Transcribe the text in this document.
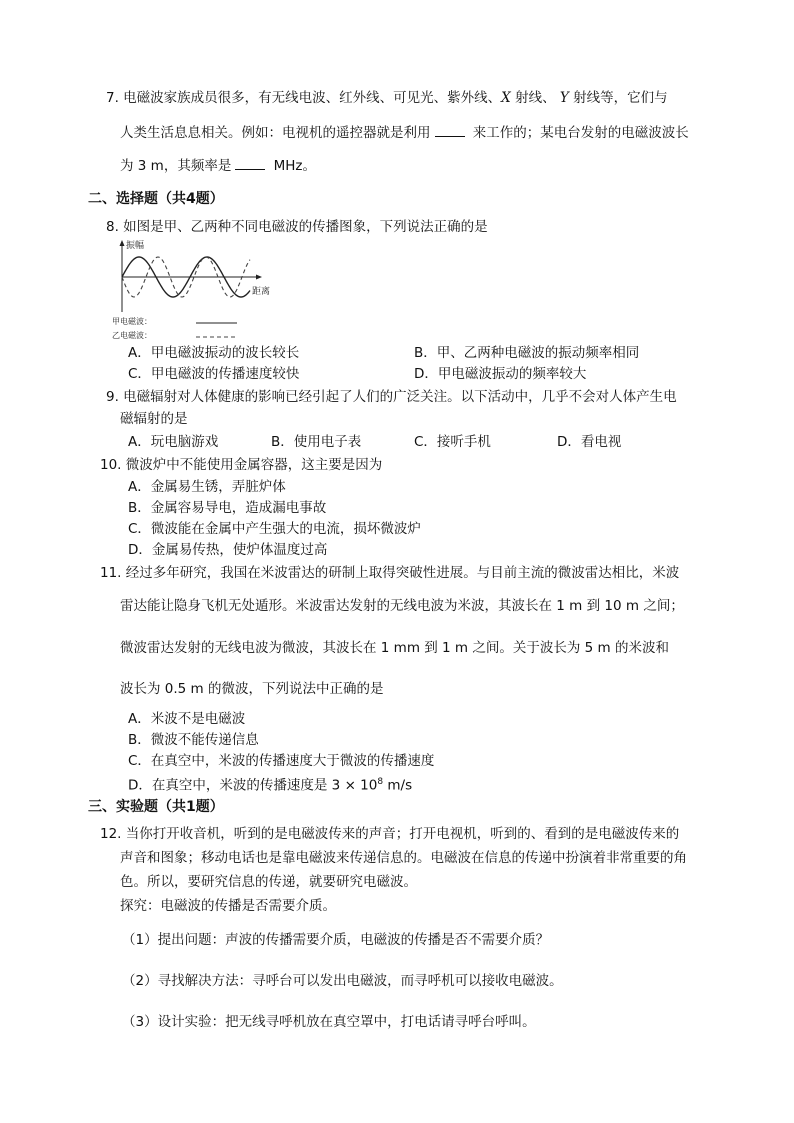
7. 电磁波家族成员很多，有无线电波、红外线、可见光、紫外线、X 射线、 Y 射线等，它们与
人类生活息息相关。例如：电视机的遥控器就是利用	来工作的；某电台发射的电磁波波长
为 3 m，其频率是	MHz。
二、选择题（共4题）
8. 如图是甲、乙两种不同电磁波的传播图象，下列说法正确的是
振幅
距离
甲电磁波：
乙电磁波：
A．甲电磁波振动的波长较长	B．甲、乙两种电磁波的振动频率相同
C．甲电磁波的传播速度较快	D．甲电磁波振动的频率较大
9. 电磁辐射对人体健康的影响已经引起了人们的广泛关注。以下活动中，几乎不会对人体产生电
磁辐射的是
A．玩电脑游戏	B．使用电子表	C．接听手机	D．看电视
10. 微波炉中不能使用金属容器，这主要是因为
A．金属易生锈，弄脏炉体
B．金属容易导电，造成漏电事故
C．微波能在金属中产生强大的电流，损坏微波炉
D．金属易传热，使炉体温度过高
11. 经过多年研究，我国在米波雷达的研制上取得突破性进展。与目前主流的微波雷达相比，米波
雷达能让隐身飞机无处遁形。米波雷达发射的无线电波为米波，其波长在 1 m 到 10 m 之间；
微波雷达发射的无线电波为微波，其波长在 1 mm 到 1 m 之间。关于波长为 5 m 的米波和
波长为 0.5 m 的微波，下列说法中正确的是
A．米波不是电磁波
B．微波不能传递信息
C．在真空中，米波的传播速度大于微波的传播速度
D．在真空中，米波的传播速度是 $3 \times 10^8$ m/s
三、实验题（共1题）
12. 当你打开收音机，听到的是电磁波传来的声音；打开电视机，听到的、看到的是电磁波传来的
声音和图象；移动电话也是靠电磁波来传递信息的。电磁波在信息的传递中扮演着非常重要的角
色。所以，要研究信息的传递，就要研究电磁波。
探究：电磁波的传播是否需要介质。
（1）提出问题：声波的传播需要介质，电磁波的传播是否不需要介质？
（2）寻找解决方法：寻呼台可以发出电磁波，而寻呼机可以接收电磁波。
（3）设计实验：把无线寻呼机放在真空罩中，打电话请寻呼台呼叫。
